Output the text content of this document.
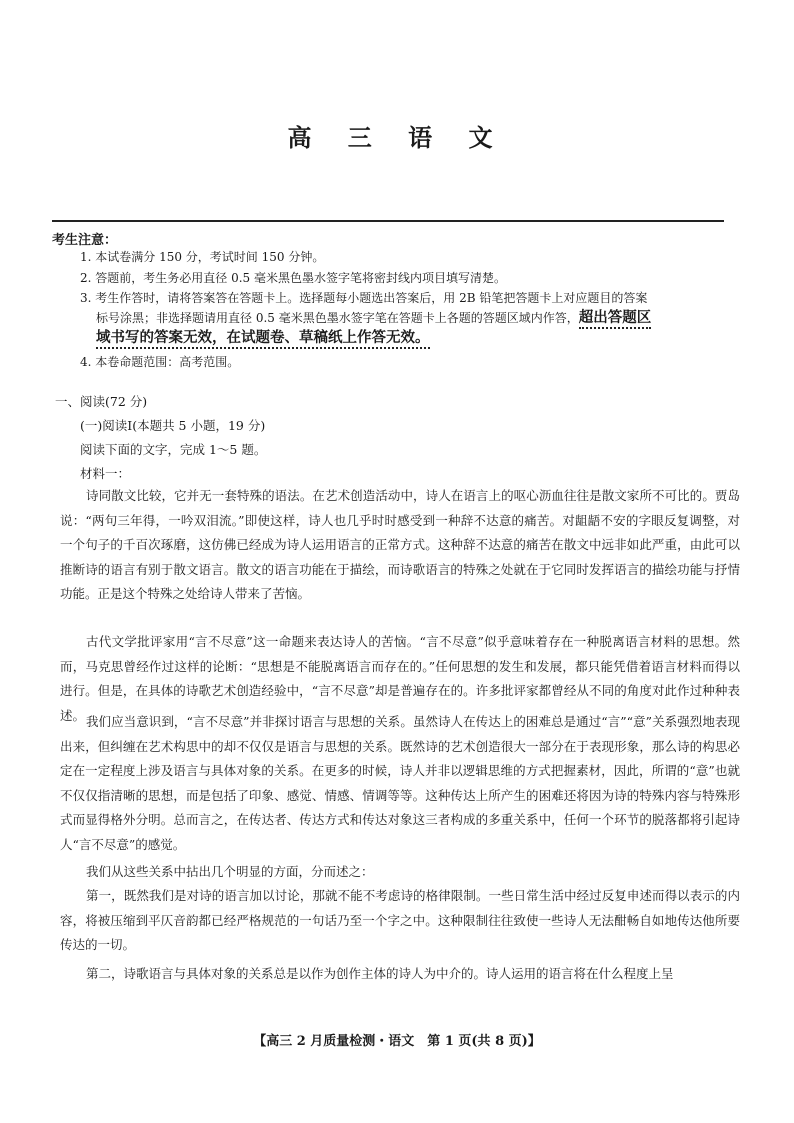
高 三 语 文
考生注意：
1. 本试卷满分 150 分，考试时间 150 分钟。
2. 答题前，考生务必用直径 0.5 毫米黑色墨水签字笔将密封线内项目填写清楚。
3. 考生作答时，请将答案答在答题卡上。选择题每小题选出答案后，用 2B 铅笔把答题卡上对应题目的答案
标号涂黑；非选择题请用直径 0.5 毫米黑色墨水签字笔在答题卡上各题的答题区域内作答，超出答题区
域书写的答案无效，在试题卷、草稿纸上作答无效。
4. 本卷命题范围：高考范围。
一、阅读(72 分)
(一)阅读Ⅰ(本题共 5 小题，19 分)
阅读下面的文字，完成 1～5 题。
材料一：
诗同散文比较，它并无一套特殊的语法。在艺术创造活动中，诗人在语言上的呕心沥血往往是散文家所不可比的。贾岛说：“两句三年得，一吟双泪流。”即使这样，诗人也几乎时时感受到一种辞不达意的痛苦。对龃龉不安的字眼反复调整，对一个句子的千百次琢磨，这仿佛已经成为诗人运用语言的正常方式。这种辞不达意的痛苦在散文中远非如此严重，由此可以推断诗的语言有别于散文语言。散文的语言功能在于描绘，而诗歌语言的特殊之处就在于它同时发挥语言的描绘功能与抒情功能。正是这个特殊之处给诗人带来了苦恼。
古代文学批评家用“言不尽意”这一命题来表达诗人的苦恼。“言不尽意”似乎意味着存在一种脱离语言材料的思想。然而，马克思曾经作过这样的论断：“思想是不能脱离语言而存在的。”任何思想的发生和发展，都只能凭借着语言材料而得以进行。但是，在具体的诗歌艺术创造经验中，“言不尽意”却是普遍存在的。许多批评家都曾经从不同的角度对此作过种种表述。 我们应当意识到，“言不尽意”并非探讨语言与思想的关系。虽然诗人在传达上的困难总是通过“言”“意”关系强烈地表现出来，但纠缠在艺术构思中的却不仅仅是语言与思想的关系。既然诗的艺术创造很大一部分在于表现形象，那么诗的构思必定在一定程度上涉及语言与具体对象的关系。在更多的时候，诗人并非以逻辑思维的方式把握素材，因此，所谓的“意”也就不仅仅指清晰的思想，而是包括了印象、感觉、情感、情调等等。这种传达上所产生的困难还将因为诗的特殊内容与特殊形式而显得格外分明。总而言之，在传达者、传达方式和传达对象这三者构成的多重关系中，任何一个环节的脱落都将引起诗人“言不尽意”的感觉。
我们从这些关系中拈出几个明显的方面，分而述之：
第一，既然我们是对诗的语言加以讨论，那就不能不考虑诗的格律限制。一些日常生活中经过反复申述而得以表示的内容，将被压缩到平仄音韵都已经严格规范的一句话乃至一个字之中。这种限制往往致使一些诗人无法酣畅自如地传达他所要传达的一切。
第二，诗歌语言与具体对象的关系总是以作为创作主体的诗人为中介的。诗人运用的语言将在什么程度上呈
【高三 2 月质量检测・语文　第 1 页(共 8 页)】
